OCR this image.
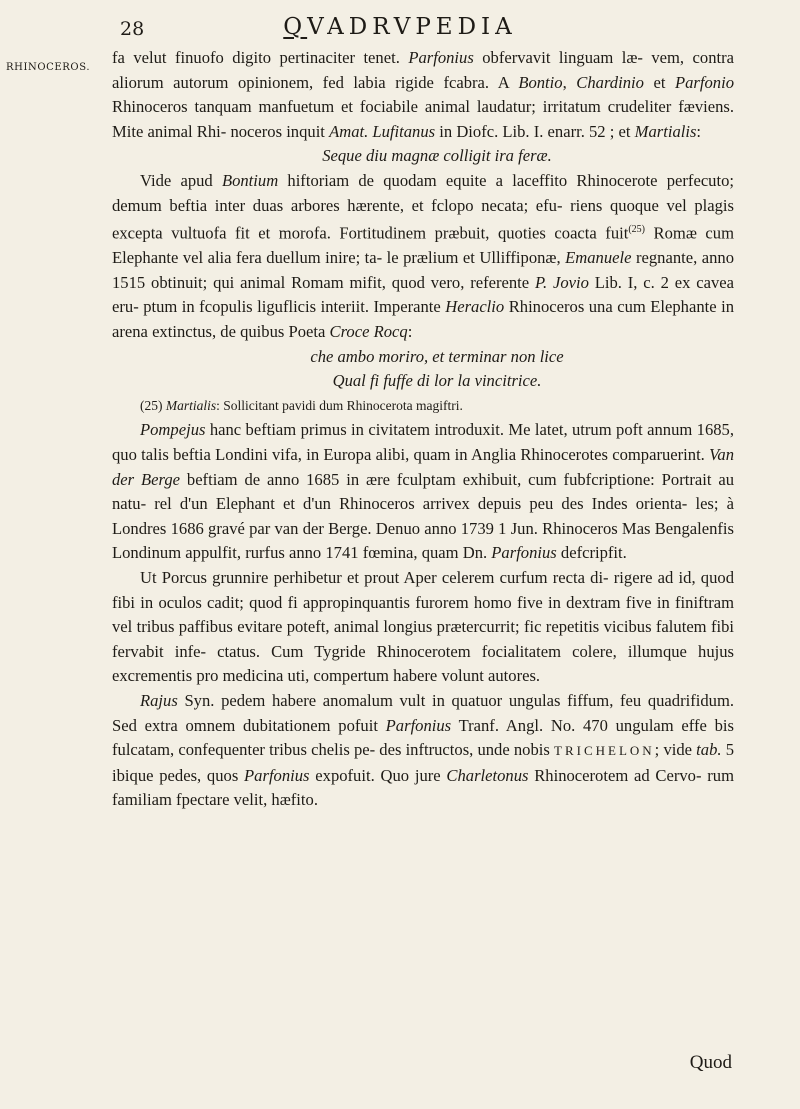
28	QVADRVPEDIA
RHINOCEROS.

fa velut finuofo digito pertinaciter tenet. Parfonius obfervavit linguam læ- vem, contra aliorum autorum opinionem, fed labia rigide fcabra. A Bontio, Chardinio et Parfonio Rhinoceros tanquam manfuetum et fociabile animal laudatur; irritatum crudeliter fæviens. Mite animal Rhi- noceros inquit Amat. Lufitanus in Diofc. Lib. I. enarr. 52 ; et Martialis:

Seque diu magnæ colligit ira feræ.

Vide apud Bontium hiftoriam de quodam equite a laceffito Rhinocerote perfecuto; demum beftia inter duas arbores hærente, et fclopo necata; efu- riens quoque vel plagis excepta vultuofa fit et morofa. Fortitudinem præbuit, quoties coacta fuit$^{(25)}$ Romæ cum Elephante vel alia fera duellum inire; ta- le prælium et Ulliffiponæ, Emanuele regnante, anno 1515 obtinuit; qui animal Romam mifit, quod vero, referente P. Jovio Lib. I, c. 2 ex cavea eru- ptum in fcopulis liguflicis interiit. Imperante Heraclio Rhinoceros una cum Elephante in arena extinctus, de quibus Poeta Croce Rocq:

che ambo moriro, et terminar non lice

Qual fi fuffe di lor la vincitrice.

(25) Martialis: Sollicitant pavidi dum Rhinocerota magiftri.

Pompejus hanc beftiam primus in civitatem introduxit. Me latet, utrum poft annum 1685, quo talis beftia Londini vifa, in Europa alibi, quam in Anglia Rhinocerotes comparuerint. Van der Berge beftiam de anno 1685 in ære fculptam exhibuit, cum fubfcriptione: Portrait au natu- rel d'un Elephant et d'un Rhinoceros arrivex depuis peu des Indes orienta- les; à Londres 1686 gravé par van der Berge. Denuo anno 1739 1 Jun. Rhinoceros Mas Bengalenfis Londinum appulfit, rurfus anno 1741 fœmina, quam Dn. Parfonius defcripfit.

Ut Porcus grunnire perhibetur et prout Aper celerem curfum recta di- rigere ad id, quod fibi in oculos cadit; quod fi appropinquantis furorem homo five in dextram five in finiftram vel tribus paffibus evitare poteft, animal longius prætercurrit; fic repetitis vicibus falutem fibi fervabit infe- ctatus. Cum Tygride Rhinocerotem focialitatem colere, illumque hujus excrementis pro medicina uti, compertum habere volunt autores.

Rajus Syn. pedem habere anomalum vult in quatuor ungulas fiffum, feu quadrifidum. Sed extra omnem dubitationem pofuit Parfonius Tranf. Angl. No. 470 ungulam effe bis fulcatam, confequenter tribus chelis pe- des inftructos, unde nobis TRICHELON; vide tab. 5 ibique pedes, quos Parfonius expofuit. Quo jure Charletonus Rhinocerotem ad Cervo- rum familiam fpectare velit, hæfito.

Quod
